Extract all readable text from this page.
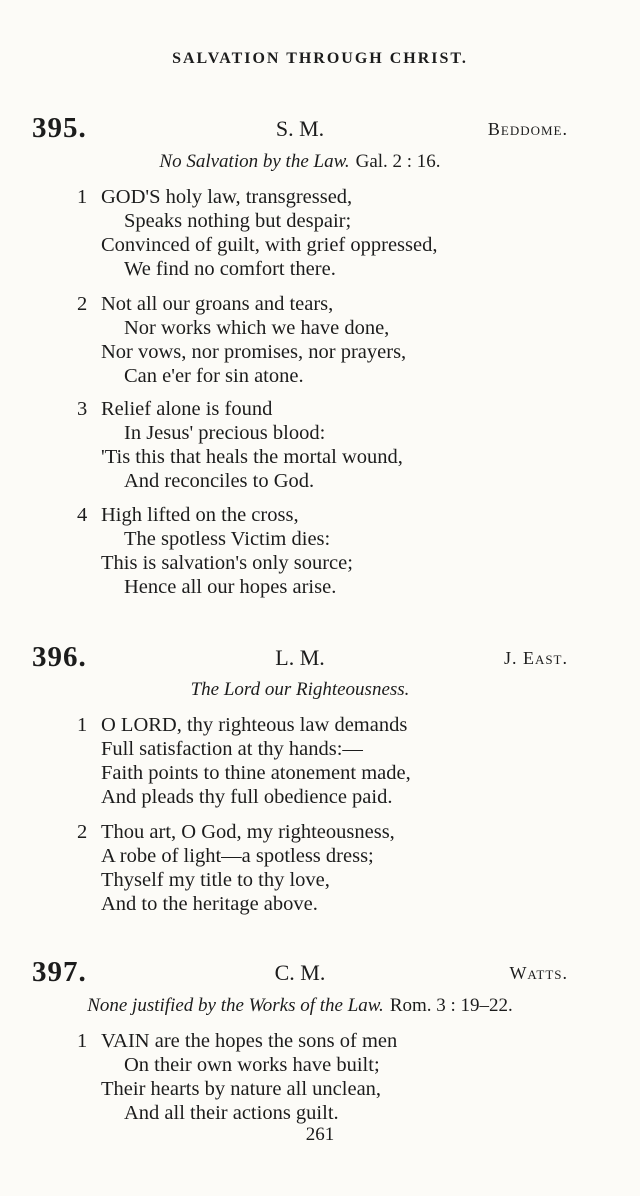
SALVATION THROUGH CHRIST.
395.	S. M.	Beddome.
No Salvation by the Law. Gal. 2 : 16.
1 GOD'S holy law, transgressed,
Speaks nothing but despair;
Convinced of guilt, with grief oppressed,
We find no comfort there.
2 Not all our groans and tears,
Nor works which we have done,
Nor vows, nor promises, nor prayers,
Can e'er for sin atone.
3 Relief alone is found
In Jesus' precious blood:
'Tis this that heals the mortal wound,
And reconciles to God.
4 High lifted on the cross,
The spotless Victim dies:
This is salvation's only source;
Hence all our hopes arise.
396.	L. M.	J. East.
The Lord our Righteousness.
1 O LORD, thy righteous law demands
Full satisfaction at thy hands:—
Faith points to thine atonement made,
And pleads thy full obedience paid.
2 Thou art, O God, my righteousness,
A robe of light—a spotless dress;
Thyself my title to thy love,
And to the heritage above.
397.	C. M.	Watts.
None justified by the Works of the Law. Rom. 3 : 19–22.
1 VAIN are the hopes the sons of men
On their own works have built;
Their hearts by nature all unclean,
And all their actions guilt.
261
